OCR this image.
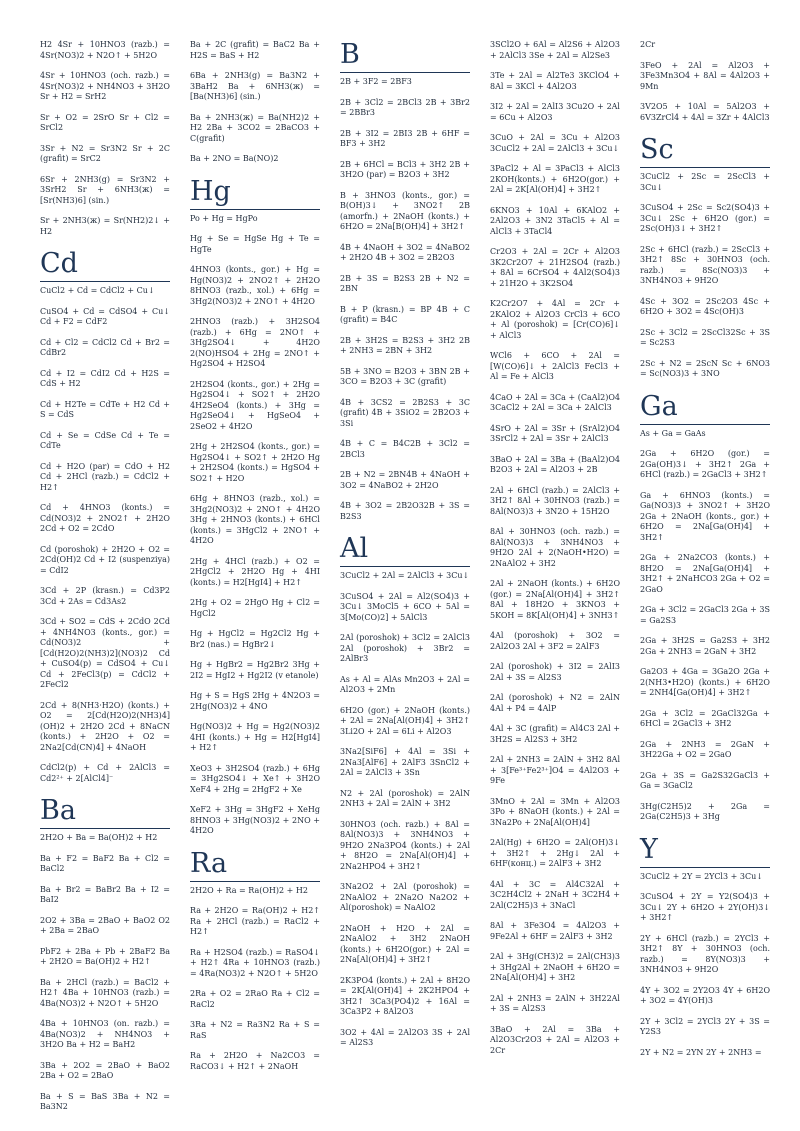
H2 4Sr + 10HNO3 (razb.) = 4Sr(NO3)2 + N2O↑ + 5H2O

4Sr + 10HNO3 (och. razb.) = 4Sr(NO3)2 + NH4NO3 + 3H2O Sr + H2 = SrH2

Sr + O2 = 2SrO Sr + Cl2 = SrCl2

3Sr + N2 = Sr3N2 Sr + 2C (grafit) = SrC2

6Sr + 2NH3(g) = Sr3N2 + 3SrH2 Sr + 6NH3(ж) = [Sr(NH3)6] (sin.)

Sr + 2NH3(ж) = Sr(NH2)2↓ + H2

Cd

CuCl2 + Cd = CdCl2 + Cu↓

CuSO4 + Cd = CdSO4 + Cu↓ Cd + F2 = CdF2

Cd + Cl2 = CdCl2 Cd + Br2 = CdBr2

Cd + I2 = CdI2 Cd + H2S = CdS + H2

Cd + H2Te = CdTe + H2 Cd + S = CdS

Cd + Se = CdSe Cd + Te = CdTe

Cd + H2O (par) = CdO + H2 Cd + 2HCl (razb.) = CdCl2 + H2↑

Cd + 4HNO3 (konts.) = Cd(NO3)2 + 2NO2↑ + 2H2O 2Cd + O2 = 2CdO

Cd (poroshok) + 2H2O + O2 = 2Cd(OH)2 Cd + I2 (suspenziya) = CdI2

3Cd + 2P (krasn.) = Cd3P2 3Cd + 2As = Cd3As2

3Cd + SO2 = CdS + 2CdO 2Cd + 4NH4NO3 (konts., gor.) = Cd(NO3)2 + [Cd(H2O)2(NH3)2](NO3)2 Cd + CuSO4(p) = CdSO4 + Cu↓ Cd + 2FeCl3(p) = CdCl2 + 2FeCl2

2Cd + 8(NH3·H2O) (konts.) + O2 = 2[Cd(H2O)2(NH3)4](OH)2 + 2H2O 2Cd + 8NaCN (konts.) + 2H2O + O2 = 2Na2[Cd(CN)4] + 4NaOH

CdCl2(p) + Cd + 2AlCl3 = Cd2²⁺ + 2[AlCl4]⁻

Ba

2H2O + Ba = Ba(OH)2 + H2

Ba + F2 = BaF2 Ba + Cl2 = BaCl2

Ba + Br2 = BaBr2 Ba + I2 = BaI2

2O2 + 3Ba = 2BaO + BaO2 O2 + 2Ba = 2BaO

PbF2 + 2Ba + Pb + 2BaF2 Ba + 2H2O = Ba(OH)2 + H2↑

Ba + 2HCl (razb.) = BaCl2 + H2↑ 4Ba + 10HNO3 (razb.) = 4Ba(NO3)2 + N2O↑ + 5H2O

4Ba + 10HNO3 (on. razb.) = 4Ba(NO3)2 + NH4NO3 + 3H2O Ba + H2 = BaH2

3Ba + 2O2 = 2BaO + BaO2 2Ba + O2 = 2BaO

Ba + S = BaS 3Ba + N2 = Ba3N2

Ba + 2C (grafit) = BaC2 Ba + H2S = BaS + H2

6Ba + 2NH3(g) = Ba3N2 + 3BaH2 Ba + 6NH3(ж) = [Ba(NH3)6] (sin.)

Ba + 2NH3(ж) = Ba(NH2)2 + H2 2Ba + 3CO2 = 2BaCO3 + C(grafit)

Ba + 2NO = Ba(NO)2

Hg

Po + Hg = HgPo

Hg + Se = HgSe Hg + Te = HgTe

4HNO3 (konts., gor.) + Hg = Hg(NO3)2 + 2NO2↑ + 2H2O 8HNO3 (razb., xol.) + 6Hg = 3Hg2(NO3)2 + 2NO↑ + 4H2O

2HNO3 (razb.) + 3H2SO4 (razb.) + 6Hg = 2NO↑ + 3Hg2SO4↓ + 4H2O 2(NO)HSO4 + 2Hg = 2NO↑ + Hg2SO4 + H2SO4

2H2SO4 (konts., gor.) + 2Hg = Hg2SO4↓ + SO2↑ + 2H2O 4H2SeO4 (konts.) + 3Hg = Hg2SeO4↓ + HgSeO4 + 2SeO2 + 4H2O

2Hg + 2H2SO4 (konts., gor.) = Hg2SO4↓ + SO2↑ + 2H2O Hg + 2H2SO4 (konts.) = HgSO4 + SO2↑ + H2O

6Hg + 8HNO3 (razb., xol.) = 3Hg2(NO3)2 + 2NO↑ + 4H2O 3Hg + 2HNO3 (konts.) + 6HCl (konts.) = 3HgCl2 + 2NO↑ + 4H2O

2Hg + 4HCl (razb.) + O2 = 2HgCl2 + 2H2O Hg + 4HI (konts.) = H2[HgI4] + H2↑

2Hg + O2 = 2HgO Hg + Cl2 = HgCl2

Hg + HgCl2 = Hg2Cl2 Hg + Br2 (nas.) = HgBr2↓

Hg + HgBr2 = Hg2Br2 3Hg + 2I2 = HgI2 + Hg2I2 (v etanole)

Hg + S = HgS 2Hg + 4N2O3 = 2Hg(NO3)2 + 4NO

Hg(NO3)2 + Hg = Hg2(NO3)2 4HI (konts.) + Hg = H2[HgI4] + H2↑

XeO3 + 3H2SO4 (razb.) + 6Hg = 3Hg2SO4↓ + Xe↑ + 3H2O XeF4 + 2Hg = 2HgF2 + Xe

XeF2 + 3Hg = 3HgF2 + XeHg 8HNO3 + 3Hg(NO3)2 + 2NO + 4H2O

Ra

2H2O + Ra = Ra(OH)2 + H2

Ra + 2H2O = Ra(OH)2 + H2↑ Ra + 2HCl (razb.) = RaCl2 + H2↑

Ra + H2SO4 (razb.) = RaSO4↓ + H2↑ 4Ra + 10HNO3 (razb.) = 4Ra(NO3)2 + N2O↑ + 5H2O

2Ra + O2 = 2RaO Ra + Cl2 = RaCl2

3Ra + N2 = Ra3N2 Ra + S = RaS

Ra + 2H2O + Na2CO3 = RaCO3↓ + H2↑ + 2NaOH

B

2B + 3F2 = 2BF3

2B + 3Cl2 = 2BCl3 2B + 3Br2 = 2BBr3

2B + 3I2 = 2BI3 2B + 6HF = BF3 + 3H2

2B + 6HCl = BCl3 + 3H2 2B + 3H2O (par) = B2O3 + 3H2

B + 3HNO3 (konts., gor.) = B(OH)3↓ + 3NO2↑ 2B (amorfn.) + 2NaOH (konts.) + 6H2O = 2Na[B(OH)4] + 3H2↑

4B + 4NaOH + 3O2 = 4NaBO2 + 2H2O 4B + 3O2 = 2B2O3

2B + 3S = B2S3 2B + N2 = 2BN

B + P (krasn.) = BP 4B + C (grafit) = B4C

2B + 3H2S = B2S3 + 3H2 2B + 2NH3 = 2BN + 3H2

5B + 3NO = B2O3 + 3BN 2B + 3CO = B2O3 + 3C (grafit)

4B + 3CS2 = 2B2S3 + 3C (grafit) 4B + 3SiO2 = 2B2O3 + 3Si

4B + C = B4C2B + 3Cl2 = 2BCl3

2B + N2 = 2BN4B + 4NaOH + 3O2 = 4NaBO2 + 2H2O

4B + 3O2 = 2B2O32B + 3S = B2S3

Al

3CuCl2 + 2Al = 2AlCl3 + 3Cu↓

3CuSO4 + 2Al = Al2(SO4)3 + 3Cu↓ 3MoCl5 + 6CO + 5Al = 3[Mo(CO)2] + 5AlCl3

2Al (poroshok) + 3Cl2 = 2AlCl3 2Al (poroshok) + 3Br2 = 2AlBr3

As + Al = AlAs Mn2O3 + 2Al = Al2O3 + 2Mn

6H2O (gor.) + 2NaOH (konts.) + 2Al = 2Na[Al(OH)4] + 3H2↑ 3Li2O + 2Al = 6Li + Al2O3

3Na2[SiF6] + 4Al = 3Si + 2Na3[AlF6] + 2AlF3 3SnCl2 + 2Al = 2AlCl3 + 3Sn

N2 + 2Al (poroshok) = 2AlN 2NH3 + 2Al = 2AlN + 3H2

30HNO3 (och. razb.) + 8Al = 8Al(NO3)3 + 3NH4NO3 + 9H2O 2Na3PO4 (konts.) + 2Al + 8H2O = 2Na[Al(OH)4] + 2Na2HPO4 + 3H2↑

3Na2O2 + 2Al (poroshok) = 2NaAlO2 + 2Na2O Na2O2 + Al(poroshok) = NaAlO2

2NaOH + H2O + 2Al = 2NaAlO2 + 3H2 2NaOH (konts.) + 6H2O(gor.) + 2Al = 2Na[Al(OH)4] + 3H2↑

2K3PO4 (konts.) + 2Al + 8H2O = 2K[Al(OH)4] + 2K2HPO4 + 3H2↑ 3Ca3(PO4)2 + 16Al = 3Ca3P2 + 8Al2O3

3O2 + 4Al = 2Al2O3 3S + 2Al = Al2S3

3SCl2O + 6Al = Al2S6 + Al2O3 + 2AlCl3 3Se + 2Al = Al2Se3

3Te + 2Al = Al2Te3 3KClO4 + 8Al = 3KCl + 4Al2O3

3I2 + 2Al = 2AlI3 3Cu2O + 2Al = 6Cu + Al2O3

3CuO + 2Al = 3Cu + Al2O3 3CuCl2 + 2Al = 2AlCl3 + 3Cu↓

3PaCl2 + Al = 3PaCl3 + AlCl3 2KOH(konts.) + 6H2O(gor.) + 2Al = 2K[Al(OH)4] + 3H2↑

6KNO3 + 10Al + 6KAlO2 + 2Al2O3 + 3N2 3TaCl5 + Al = AlCl3 + 3TaCl4

Cr2O3 + 2Al = 2Cr + Al2O3 3K2Cr2O7 + 21H2SO4 (razb.) + 8Al = 6CrSO4 + 4Al2(SO4)3 + 21H2O + 3K2SO4

K2Cr2O7 + 4Al = 2Cr + 2KAlO2 + Al2O3 CrCl3 + 6CO + Al (poroshok) = [Cr(CO)6]↓ + AlCl3

WCl6 + 6CO + 2Al = [W(CO)6]↓ + 2AlCl3 FeCl3 + Al = Fe + AlCl3

4CaO + 2Al = 3Ca + (CaAl2)O4 3CaCl2 + 2Al = 3Ca + 2AlCl3

4SrO + 2Al = 3Sr + (SrAl2)O4 3SrCl2 + 2Al = 3Sr + 2AlCl3

3BaO + 2Al = 3Ba + (BaAl2)O4 B2O3 + 2Al = Al2O3 + 2B

2Al + 6HCl (razb.) = 2AlCl3 + 3H2↑ 8Al + 30HNO3 (razb.) = 8Al(NO3)3 + 3N2O + 15H2O

8Al + 30HNO3 (och. razb.) = 8Al(NO3)3 + 3NH4NO3 + 9H2O 2Al + 2(NaOH•H2O) = 2NaAlO2 + 3H2

2Al + 2NaOH (konts.) + 6H2O (gor.) = 2Na[Al(OH)4] + 3H2↑ 8Al + 18H2O + 3KNO3 + 5KOH = 8K[Al(OH)4] + 3NH3↑

4Al (poroshok) + 3O2 = 2Al2O3 2Al + 3F2 = 2AlF3

2Al (poroshok) + 3I2 = 2AlI3 2Al + 3S = Al2S3

2Al (poroshok) + N2 = 2AlN 4Al + P4 = 4AlP

4Al + 3C (grafit) = Al4C3 2Al + 3H2S = Al2S3 + 3H2

2Al + 2NH3 = 2AlN + 3H2 8Al + 3[Fe³⁺Fe2³⁺]O4 = 4Al2O3 + 9Fe

3MnO + 2Al = 3Mn + Al2O3 3Po + 8NaOH (konts.) + 2Al = 3Na2Po + 2Na[Al(OH)4]

2Al(Hg) + 6H2O = 2Al(OH)3↓ + 3H2↑ + 2Hg↓ 2Al + 6HF(конц.) = 2AlF3 + 3H2

4Al + 3C = Al4C32Al + 3C2H4Cl2 + 2NaH + 3C2H4 + 2Al(C2H5)3 + 3NaCl

8Al + 3Fe3O4 = 4Al2O3 + 9Fe2Al + 6HF = 2AlF3 + 3H2

2Al + 3Hg(CH3)2 = 2Al(CH3)3 + 3Hg2Al + 2NaOH + 6H2O = 2Na[Al(OH)4] + 3H2

2Al + 2NH3 = 2AlN + 3H22Al + 3S = Al2S3

3BaO + 2Al = 3Ba + Al2O3Cr2O3 + 2Al = Al2O3 + 2Cr

2Cr

3FeO + 2Al = Al2O3 + 3Fe3Mn3O4 + 8Al = 4Al2O3 + 9Mn

3V2O5 + 10Al = 5Al2O3 + 6V3ZrCl4 + 4Al = 3Zr + 4AlCl3

Sc

3CuCl2 + 2Sc = 2ScCl3 + 3Cu↓

3CuSO4 + 2Sc = Sc2(SO4)3 + 3Cu↓ 2Sc + 6H2O (gor.) = 2Sc(OH)3↓ + 3H2↑

2Sc + 6HCl (razb.) = 2ScCl3 + 3H2↑ 8Sc + 30HNO3 (och. razb.) = 8Sc(NO3)3 + 3NH4NO3 + 9H2O

4Sc + 3O2 = 2Sc2O3 4Sc + 6H2O + 3O2 = 4Sc(OH)3

2Sc + 3Cl2 = 2ScCl32Sc + 3S = Sc2S3

2Sc + N2 = 2ScN Sc + 6NO3 = Sc(NO3)3 + 3NO

Ga

As + Ga = GaAs

2Ga + 6H2O (gor.) = 2Ga(OH)3↓ + 3H2↑ 2Ga + 6HCl (razb.) = 2GaCl3 + 3H2↑

Ga + 6HNO3 (konts.) = Ga(NO3)3 + 3NO2↑ + 3H2O 2Ga + 2NaOH (konts., gor.) + 6H2O = 2Na[Ga(OH)4] + 3H2↑

2Ga + 2Na2CO3 (konts.) + 8H2O = 2Na[Ga(OH)4] + 3H2↑ + 2NaHCO3 2Ga + O2 = 2GaO

2Ga + 3Cl2 = 2GaCl3 2Ga + 3S = Ga2S3

2Ga + 3H2S = Ga2S3 + 3H2 2Ga + 2NH3 = 2GaN + 3H2

Ga2O3 + 4Ga = 3Ga2O 2Ga + 2(NH3•H2O) (konts.) + 6H2O = 2NH4[Ga(OH)4] + 3H2↑

2Ga + 3Cl2 = 2GaCl32Ga + 6HCl = 2GaCl3 + 3H2

2Ga + 2NH3 = 2GaN + 3H22Ga + O2 = 2GaO

2Ga + 3S = Ga2S32GaCl3 + Ga = 3GaCl2

3Hg(C2H5)2 + 2Ga = 2Ga(C2H5)3 + 3Hg

Y

3CuCl2 + 2Y = 2YCl3 + 3Cu↓

3CuSO4 + 2Y = Y2(SO4)3 + 3Cu↓ 2Y + 6H2O + 2Y(OH)3↓ + 3H2↑

2Y + 6HCl (razb.) = 2YCl3 + 3H2↑ 8Y + 30HNO3 (och. razb.) = 8Y(NO3)3 + 3NH4NO3 + 9H2O

4Y + 3O2 = 2Y2O3 4Y + 6H2O + 3O2 = 4Y(OH)3

2Y + 3Cl2 = 2YCl3 2Y + 3S = Y2S3

2Y + N2 = 2YN 2Y + 2NH3 =
